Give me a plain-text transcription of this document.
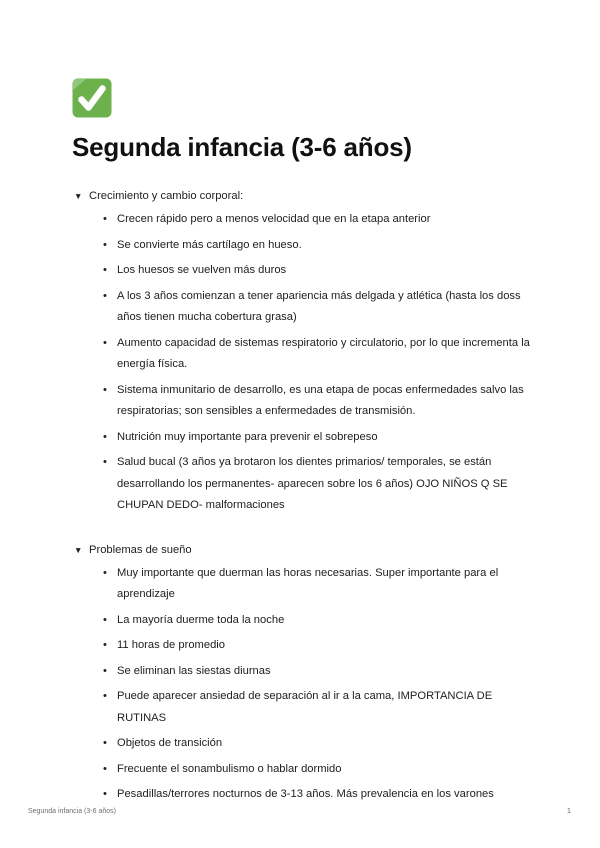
Segunda infancia (3-6 años)
▼ Crecimiento y cambio corporal:
• Crecen rápido pero a menos velocidad que en la etapa anterior
• Se convierte más cartílago en hueso.
• Los huesos se vuelven más duros
• A los 3 años comienzan a tener apariencia más delgada y atlética (hasta los doss años tienen mucha cobertura grasa)
• Aumento capacidad de sistemas respiratorio y circulatorio, por lo que incrementa la energía física.
• Sistema inmunitario de desarrollo, es una etapa de pocas enfermedades salvo las respiratorias; son sensibles a enfermedades de transmisión.
• Nutrición muy importante para prevenir el sobrepeso
• Salud bucal (3 años ya brotaron los dientes primarios/ temporales, se están desarrollando los permanentes- aparecen sobre los 6 años) OJO NIÑOS Q SE CHUPAN DEDO- malformaciones
▼ Problemas de sueño
• Muy importante que duerman las horas necesarias. Super importante para el aprendizaje
• La mayoría duerme toda la noche
• 11 horas de promedio
• Se eliminan las siestas diurnas
• Puede aparecer ansiedad de separación al ir a la cama, IMPORTANCIA DE RUTINAS
• Objetos de transición
• Frecuente el sonambulismo o hablar dormido
• Pesadillas/terrores nocturnos de 3-13 años. Más prevalencia en los varones
Segunda infancia (3-6 años)	1
